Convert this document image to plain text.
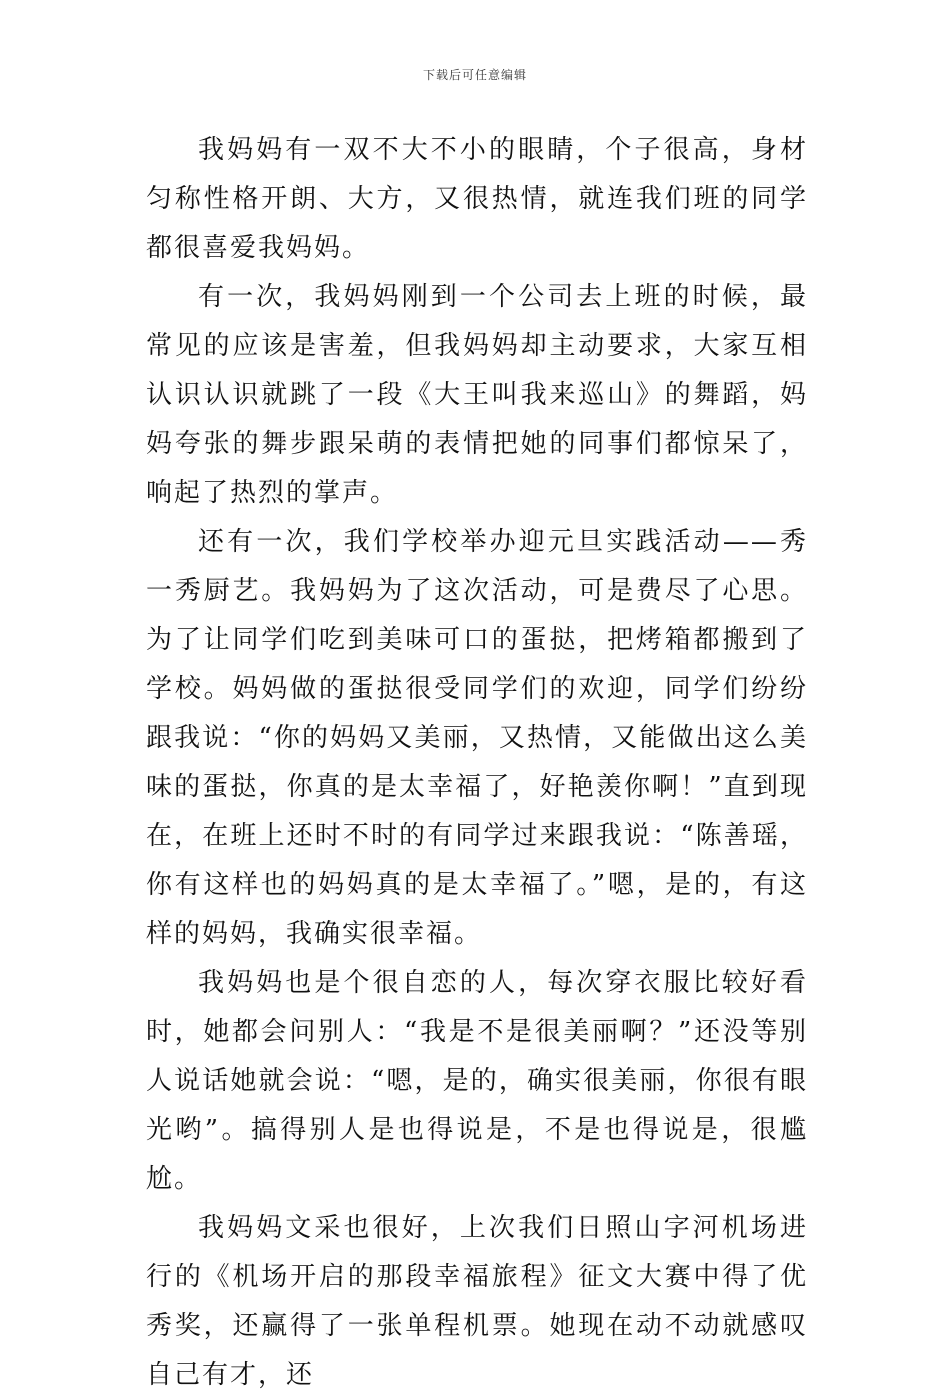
下载后可任意编辑

我妈妈有一双不大不小的眼睛，个子很高，身材匀称性格开朗、大方，又很热情，就连我们班的同学都很喜爱我妈妈。

有一次，我妈妈刚到一个公司去上班的时候，最常见的应该是害羞，但我妈妈却主动要求，大家互相认识认识就跳了一段《大王叫我来巡山》的舞蹈，妈妈夸张的舞步跟呆萌的表情把她的同事们都惊呆了，响起了热烈的掌声。

还有一次，我们学校举办迎元旦实践活动——秀一秀厨艺。我妈妈为了这次活动，可是费尽了心思。为了让同学们吃到美味可口的蛋挞，把烤箱都搬到了学校。妈妈做的蛋挞很受同学们的欢迎，同学们纷纷跟我说：“你的妈妈又美丽，又热情，又能做出这么美味的蛋挞，你真的是太幸福了，好艳羡你啊！”直到现在，在班上还时不时的有同学过来跟我说：“陈善瑶，你有这样也的妈妈真的是太幸福了。”嗯，是的，有这样的妈妈，我确实很幸福。

我妈妈也是个很自恋的人，每次穿衣服比较好看时，她都会问别人：“我是不是很美丽啊？”还没等别人说话她就会说：“嗯，是的，确实很美丽，你很有眼光哟”。搞得别人是也得说是，不是也得说是，很尴尬。

我妈妈文采也很好，上次我们日照山字河机场进行的《机场开启的那段幸福旅程》征文大赛中得了优秀奖，还赢得了一张单程机票。她现在动不动就感叹自己有才，还
